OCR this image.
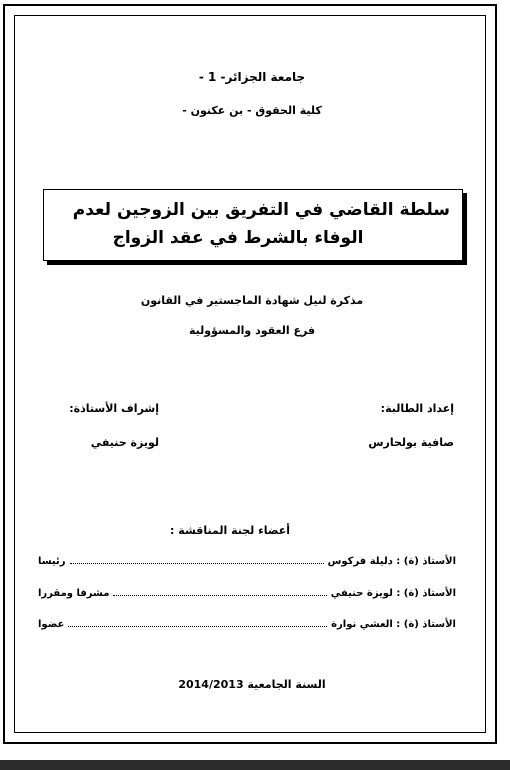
جامعة الجزائر- 1 -
كلية الحقوق - بن عكنون -
سلطة القاضي في التفريق بين الزوجين لعدم
الوفاء بالشرط في عقد الزواج
مذكرة لنيل شهادة الماجستير في القانون
فرع العقود والمسؤولية
إعداد الطالبة:
إشراف الأستاذة:
صافية بولحارس
لويزة حنيفي
أعضاء لجنة المناقشة :
الأستاذ (ة) : دليلة فركوس
رئيسا
الأستاذ (ة) : لويزة حنيفي
مشرفا ومقررا
الأستاذ (ة) : العشي نوارة
عضوا
السنة الجامعية 2014/2013
